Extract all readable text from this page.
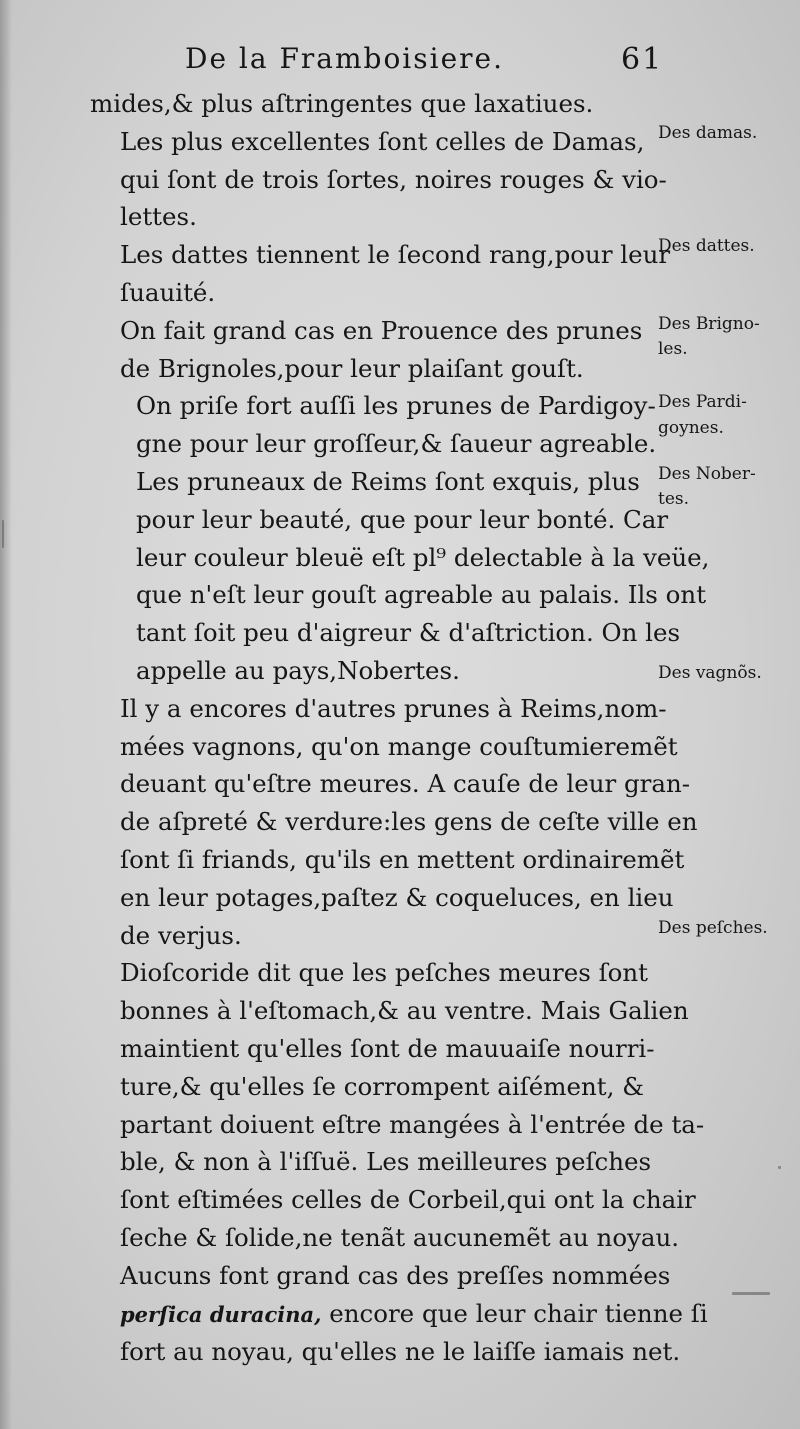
De la Framboisiere.	61

mides,& plus aſtringentes que laxatiues.

Les plus excellentes ſont celles de Damas,
qui ſont de trois ſortes, noires rouges & vio-
lettes.

Les dattes tiennent le ſecond rang,pour leur
ſuauité.

On fait grand cas en Prouence des prunes
de Brignoles,pour leur plaiſant gouſt.

On priſe fort auſſi les prunes de Pardigoy-
gne pour leur groſſeur,& ſaueur agreable.

Les pruneaux de Reims ſont exquis, plus
pour leur beauté, que pour leur bonté. Car
leur couleur bleuë eſt pl⁹ delectable à la veüe,
que n'eſt leur gouſt agreable au palais. Ils ont
tant ſoit peu d'aigreur & d'aſtriction. On les
appelle au pays,Nobertes.

Il y a encores d'autres prunes à Reims,nom-
mées vagnons, qu'on mange couſtumieremẽt
deuant qu'eſtre meures. A cauſe de leur gran-
de aſpreté & verdure:les gens de ceſte ville en
ſont ſi friands, qu'ils en mettent ordinairemẽt
en leur potages,paſtez & coqueluces, en lieu
de verjus.

Dioſcoride dit que les peſches meures ſont
bonnes à l'eſtomach,& au ventre. Mais Galien
maintient qu'elles ſont de mauuaiſe nourri-
ture,& qu'elles ſe corrompent aiſément, &
partant doiuent eſtre mangées à l'entrée de ta-
ble, & non à l'iſſuë. Les meilleures peſches
ſont eſtimées celles de Corbeil,qui ont la chair
ſeche & ſolide,ne tenãt aucunemẽt au noyau.
Aucuns font grand cas des preſſes nommées
perſica duracina, encore que leur chair tienne ſi
fort au noyau, qu'elles ne le laiſſe iamais net.

Des damas.
Des dattes.
Des Brigno-
les.
Des Pardi-
goynes.
Des Nober-
tes.
Des vagnõs.
Des peſches.
